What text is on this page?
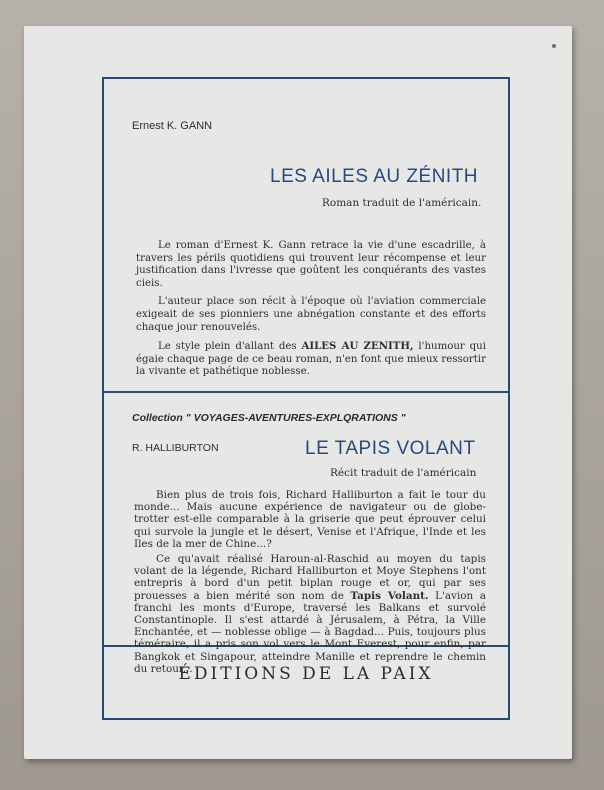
Ernest K. GANN
LES AILES AU ZÉNITH
Roman traduit de l'américain.

Le roman d'Ernest K. Gann retrace la vie d'une escadrille, à travers les périls quotidiens qui trouvent leur récompense et leur justification dans l'ivresse que goûtent les conquérants des vastes cieis.

L'auteur place son récit à l'époque où l'aviation commerciale exigeait de ses pionniers une abnégation constante et des efforts chaque jour renouvelés.

Le style plein d'allant des AILES AU ZENITH, l'humour qui égaie chaque page de ce beau roman, n'en font que mieux ressortir la vivante et pathétique noblesse.

Collection " VOYAGES-AVENTURES-EXPLQRATIONS "
R. HALLIBURTON	LE TAPIS VOLANT
Récit traduit de l'américain

Bien plus de trois fois, Richard Halliburton a fait le tour du monde... Mais aucune expérience de navigateur ou de globe-trotter est-elle comparable à la griserie que peut éprouver celui qui survole la jungle et le désert, Venise et l'Afrique, l'Inde et les Iles de la mer de Chine...?

Ce qu'avait réalisé Haroun-al-Raschid au moyen du tapis volant de la légende, Richard Halliburton et Moye Stephens l'ont entrepris à bord d'un petit biplan rouge et or, qui par ses prouesses a bien mérité son nom de Tapis Volant. L'avion a franchi les monts d'Europe, traversé les Balkans et survolé Constantinople. Il s'est attardé à Jérusalem, à Pétra, la Ville Enchantée, et — noblesse oblige — à Bagdad... Puis, toujours plus téméraire, il a pris son vol vers le Mont Everest, pour enfin, par Bangkok et Singapour, atteindre Manille et reprendre le chemin du retour...

ÉDITIONS DE LA PAIX
